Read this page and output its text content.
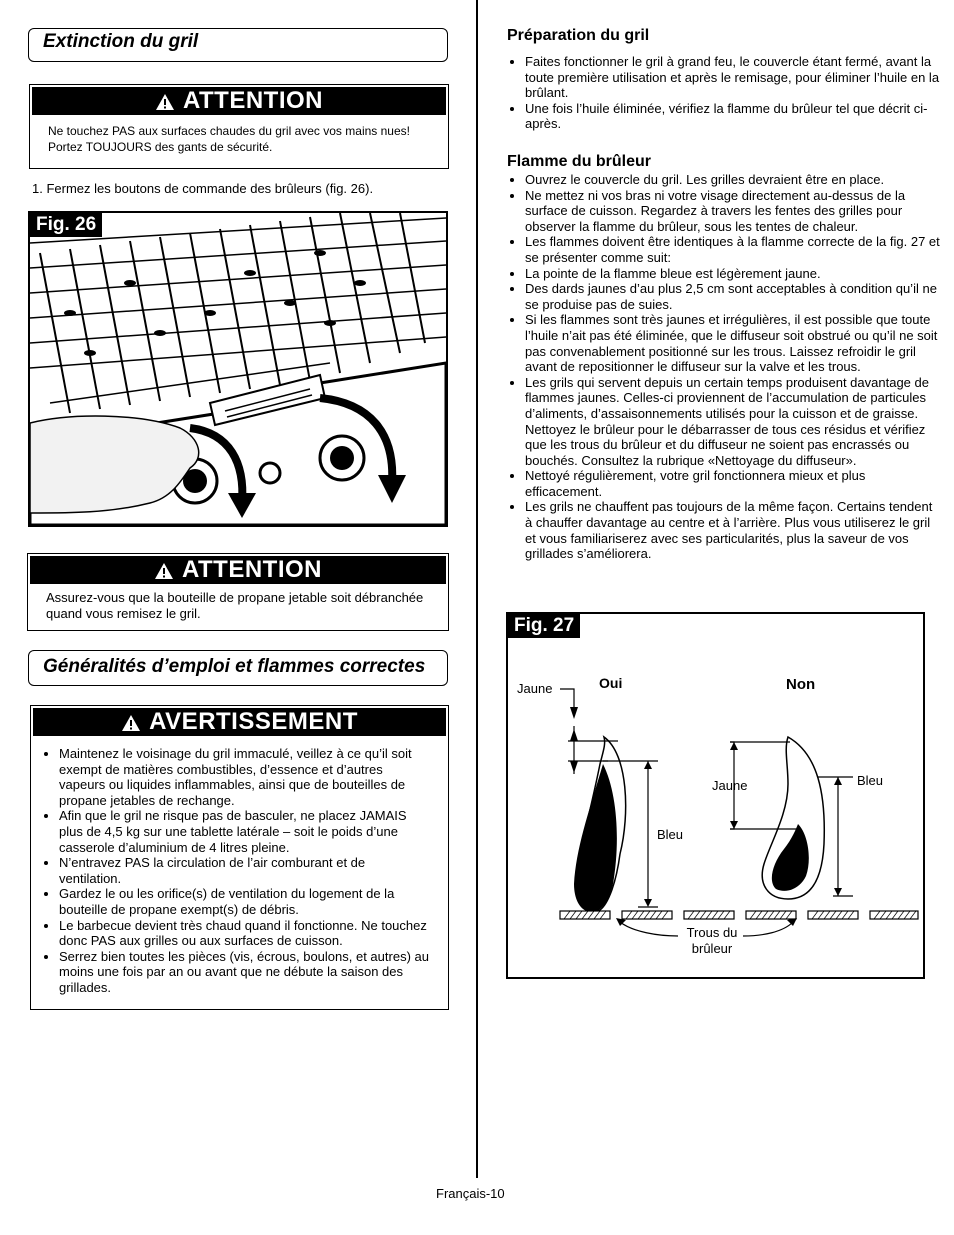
Extinction du gril
ATTENTION
Ne touchez PAS aux surfaces chaudes du gril avec vos mains nues! Portez TOUJOURS des gants de sécurité.
1. Fermez les boutons de commande des brûleurs (fig. 26).
Fig. 26
ATTENTION
Assurez-vous que la bouteille de propane jetable soit débranchée quand vous remisez le gril.
Généralités d’emploi et flammes correctes
AVERTISSEMENT
• Maintenez le voisinage du gril immaculé, veillez à ce qu’il soit exempt de matières combustibles, d’essence et d’autres vapeurs ou liquides inflammables, ainsi que de bouteilles de propane jetables de rechange.
• Afin que le gril ne risque pas de basculer, ne placez JAMAIS plus de 4,5 kg sur une tablette latérale – soit le poids d’une casserole d’aluminium de 4 litres pleine.
• N’entravez PAS la circulation de l’air comburant et de ventilation.
• Gardez le ou les orifice(s) de ventilation du logement de la bouteille de propane exempt(s) de débris.
• Le barbecue devient très chaud quand il fonctionne. Ne touchez donc PAS aux grilles ou aux surfaces de cuisson.
• Serrez bien toutes les pièces (vis, écrous, boulons, et autres) au moins une fois par an ou avant que ne débute la saison des grillades.
Préparation du gril
• Faites fonctionner le gril à grand feu, le couvercle étant fermé, avant la toute première utilisation et après le remisage, pour éliminer l’huile en la brûlant.
• Une fois l’huile éliminée, vérifiez la flamme du brûleur tel que décrit ci-après.
Flamme du brûleur
• Ouvrez le couvercle du gril. Les grilles devraient être en place.
• Ne mettez ni vos bras ni votre visage directement au-dessus de la surface de cuisson. Regardez à travers les fentes des grilles pour observer la flamme du brûleur, sous les tentes de chaleur.
• Les flammes doivent être identiques à la flamme correcte de la fig. 27 et se présenter comme suit:
• La pointe de la flamme bleue est légèrement jaune.
• Des dards jaunes d’au plus 2,5 cm sont acceptables à condition qu’il ne se produise pas de suies.
• Si les flammes sont très jaunes et irrégulières, il est possible que toute l’huile n’ait pas été éliminée, que le diffuseur soit obstrué ou qu’il ne soit pas convenablement positionné sur les trous. Laissez refroidir le gril avant de repositionner le diffuseur sur la valve et les trous.
• Les grils qui servent depuis un certain temps produisent davantage de flammes jaunes. Celles-ci proviennent de l’accumulation de particules d’aliments, d’assaisonnements utilisés pour la cuisson et de graisse. Nettoyez le brûleur pour le débarrasser de tous ces résidus et vérifiez que les trous du brûleur et du diffuseur ne soient pas encrassés ou bouchés. Consultez la rubrique «Nettoyage du diffuseur».
• Nettoyé régulièrement, votre gril fonctionnera mieux et plus efficacement.
• Les grils ne chauffent pas toujours de la même façon. Certains tendent à chauffer davantage au centre et à l’arrière. Plus vous utiliserez le gril et vous familiariserez avec ses particularités, plus la saveur de vos grillades s’améliorera.
Fig. 27
Oui	Non
Jaune
Bleu
Jaune	Bleu
Trous du
brûleur
Français-10
